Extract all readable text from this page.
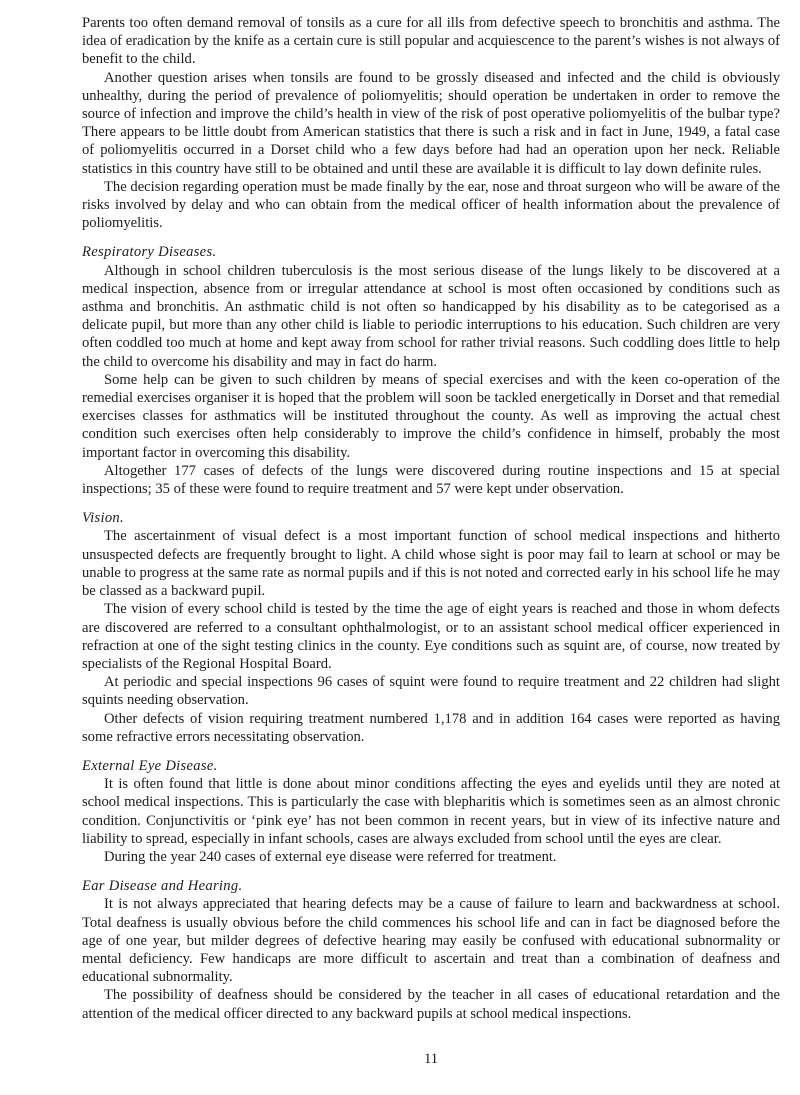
Parents too often demand removal of tonsils as a cure for all ills from defective speech to bronchitis and asthma. The idea of eradication by the knife as a certain cure is still popular and acquiescence to the parent’s wishes is not always of benefit to the child.

Another question arises when tonsils are found to be grossly diseased and infected and the child is obviously unhealthy, during the period of prevalence of poliomyelitis; should operation be undertaken in order to remove the source of infection and improve the child’s health in view of the risk of post operative poliomyelitis of the bulbar type? There appears to be little doubt from American statistics that there is such a risk and in fact in June, 1949, a fatal case of poliomyelitis occurred in a Dorset child who a few days before had had an operation upon her neck. Reliable statistics in this country have still to be obtained and until these are available it is difficult to lay down definite rules.

The decision regarding operation must be made finally by the ear, nose and throat surgeon who will be aware of the risks involved by delay and who can obtain from the medical officer of health information about the prevalence of poliomyelitis.

Respiratory Diseases.

Although in school children tuberculosis is the most serious disease of the lungs likely to be discovered at a medical inspection, absence from or irregular attendance at school is most often occasioned by conditions such as asthma and bronchitis. An asthmatic child is not often so handicapped by his disability as to be categorised as a delicate pupil, but more than any other child is liable to periodic interruptions to his education. Such children are very often coddled too much at home and kept away from school for rather trivial reasons. Such coddling does little to help the child to overcome his disability and may in fact do harm.

Some help can be given to such children by means of special exercises and with the keen co-operation of the remedial exercises organiser it is hoped that the problem will soon be tackled energetically in Dorset and that remedial exercises classes for asthmatics will be instituted throughout the county. As well as improving the actual chest condition such exercises often help considerably to improve the child’s confidence in himself, probably the most important factor in overcoming this disability.

Altogether 177 cases of defects of the lungs were discovered during routine inspections and 15 at special inspections; 35 of these were found to require treatment and 57 were kept under observation.

Vision.

The ascertainment of visual defect is a most important function of school medical inspections and hitherto unsuspected defects are frequently brought to light. A child whose sight is poor may fail to learn at school or may be unable to progress at the same rate as normal pupils and if this is not noted and corrected early in his school life he may be classed as a backward pupil.

The vision of every school child is tested by the time the age of eight years is reached and those in whom defects are discovered are referred to a consultant ophthalmologist, or to an assistant school medical officer experienced in refraction at one of the sight testing clinics in the county. Eye conditions such as squint are, of course, now treated by specialists of the Regional Hospital Board.

At periodic and special inspections 96 cases of squint were found to require treatment and 22 children had slight squints needing observation.

Other defects of vision requiring treatment numbered 1,178 and in addition 164 cases were reported as having some refractive errors necessitating observation.

External Eye Disease.

It is often found that little is done about minor conditions affecting the eyes and eyelids until they are noted at school medical inspections. This is particularly the case with blepharitis which is sometimes seen as an almost chronic condition. Conjunctivitis or ‘pink eye’ has not been common in recent years, but in view of its infective nature and liability to spread, especially in infant schools, cases are always excluded from school until the eyes are clear.

During the year 240 cases of external eye disease were referred for treatment.

Ear Disease and Hearing.

It is not always appreciated that hearing defects may be a cause of failure to learn and backwardness at school. Total deafness is usually obvious before the child commences his school life and can in fact be diagnosed before the age of one year, but milder degrees of defective hearing may easily be confused with educational subnormality or mental deficiency. Few handicaps are more difficult to ascertain and treat than a combination of deafness and educational subnormality.

The possibility of deafness should be considered by the teacher in all cases of educational retardation and the attention of the medical officer directed to any backward pupils at school medical inspections.

11
